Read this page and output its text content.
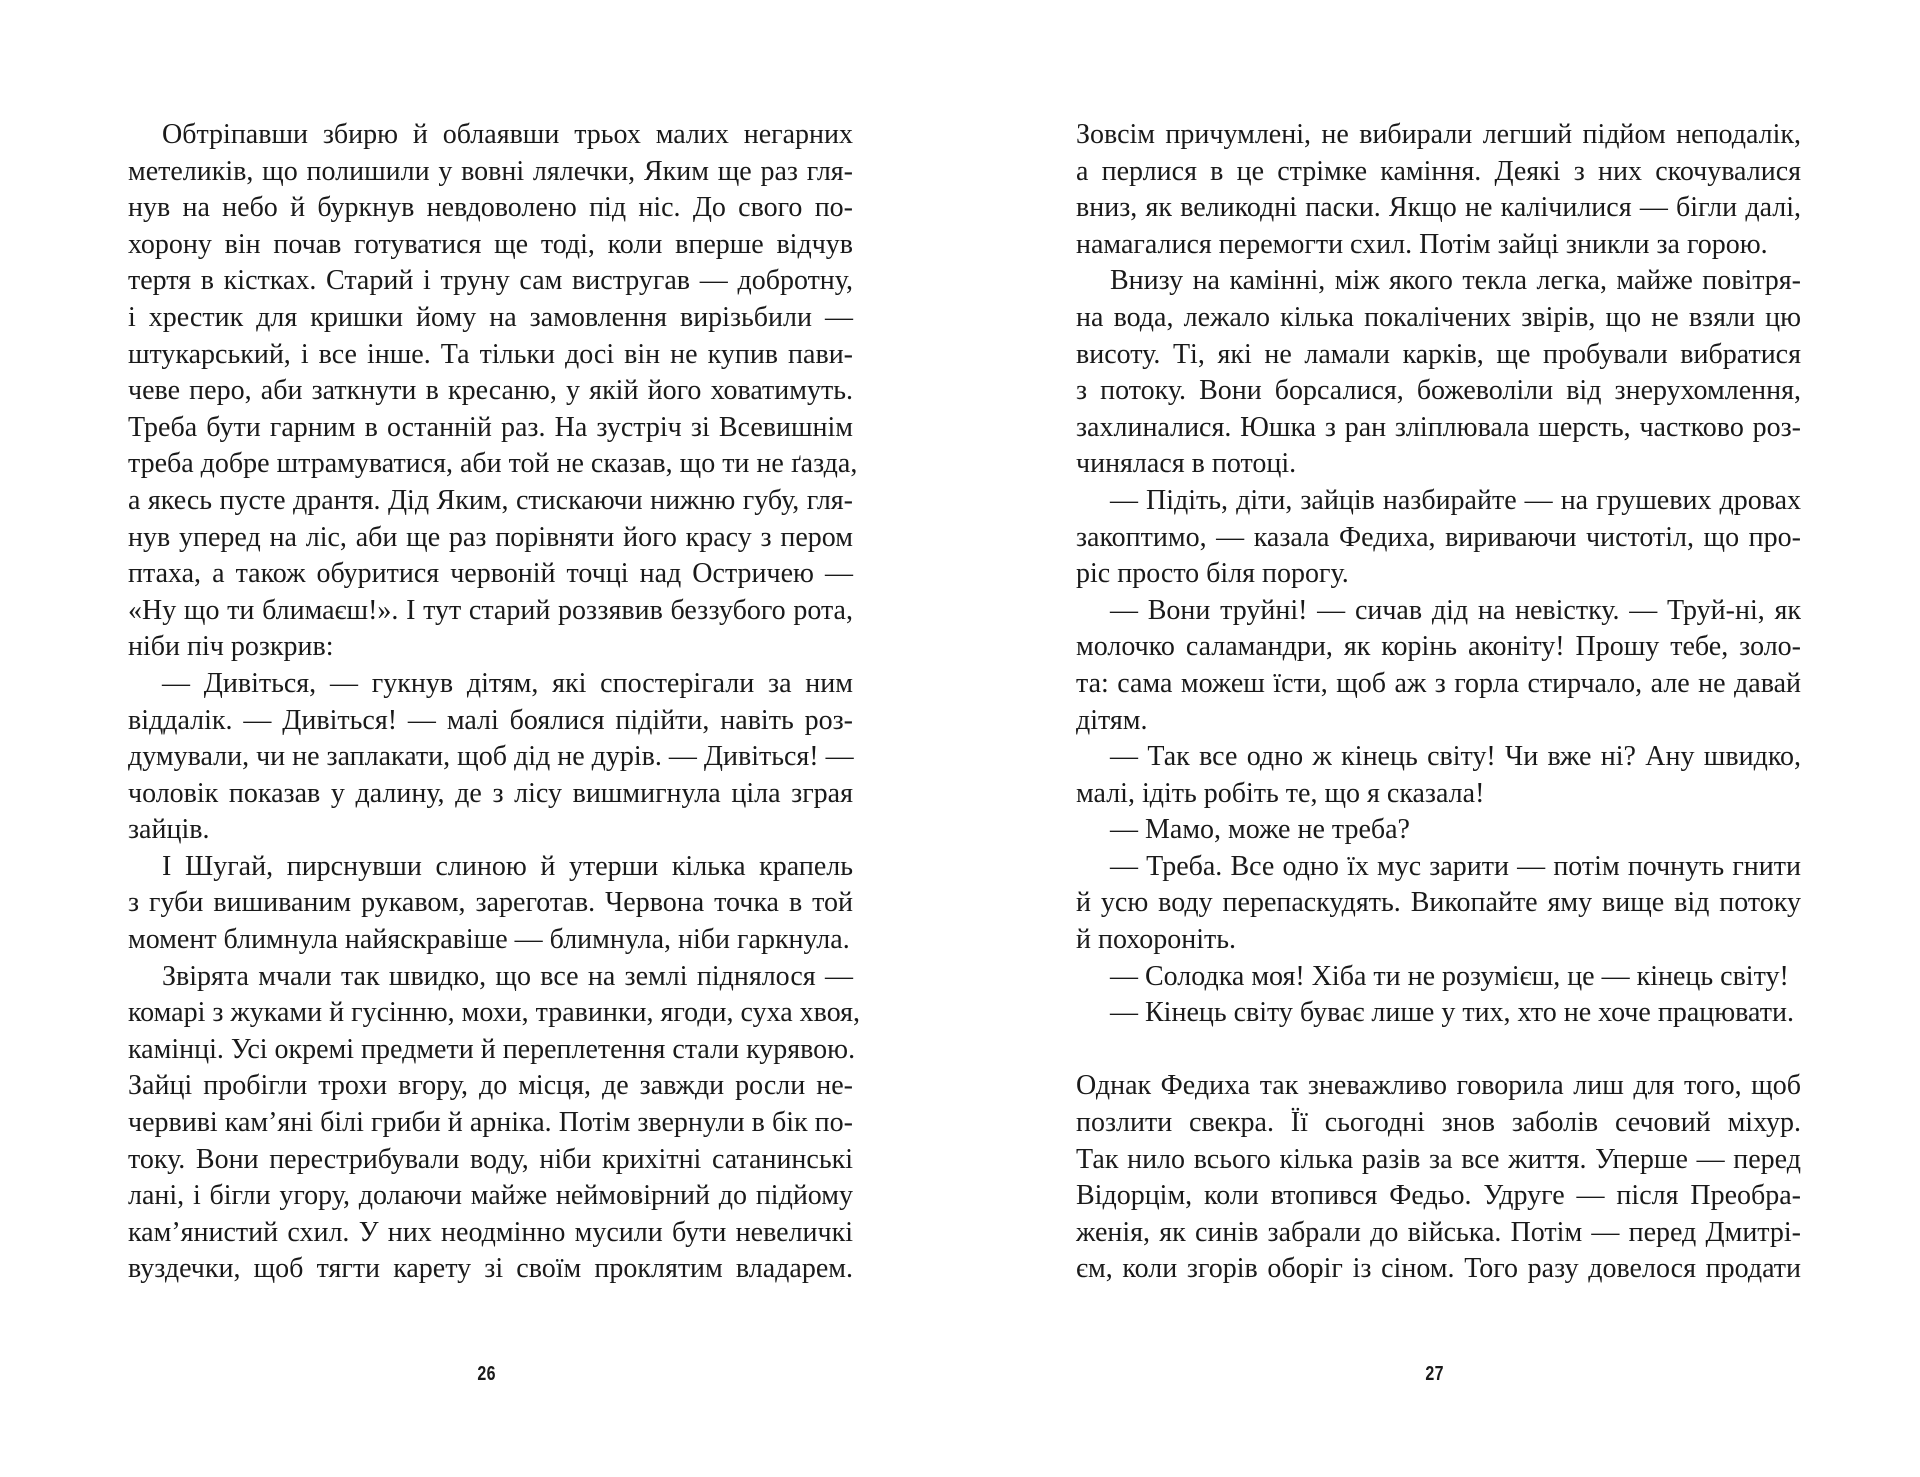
Обтріпавши збирю й облаявши трьох малих негарних
метеликів, що полишили у вовні лялечки, Яким ще раз гля-
нув на небо й буркнув невдоволено під ніс. До свого по-
хорону він почав готуватися ще тоді, коли вперше відчув
тертя в кістках. Старий і труну сам вистругав — добротну,
і хрестик для кришки йому на замовлення вирізьбили —
штукарський, і все інше. Та тільки досі він не купив пави-
чеве перо, аби заткнути в кресаню, у якій його ховатимуть.
Треба бути гарним в останній раз. На зустріч зі Всевишнім
треба добре штрамуватися, аби той не сказав, що ти не ґазда,
а якесь пусте дрантя. Дід Яким, стискаючи нижню губу, гля-
нув уперед на ліс, аби ще раз порівняти його красу з пером
птаха, а також обуритися червоній точці над Остричею —
«Ну що ти блимаєш!». І тут старий роззявив беззубого рота,
ніби піч розкрив:
— Дивіться, — гукнув дітям, які спостерігали за ним
віддалік. — Дивіться! — малі боялися підійти, навіть роз-
думували, чи не заплакати, щоб дід не дурів. — Дивіться! —
чоловік показав у далину, де з лісу вишмигнула ціла зграя
зайців.
І Шугай, пирснувши слиною й утерши кілька крапель
з губи вишиваним рукавом, зареготав. Червона точка в той
момент блимнула найяскравіше — блимнула, ніби гаркнула.
Звірята мчали так швидко, що все на землі піднялося —
комарі з жуками й гусінню, мохи, травинки, ягоди, суха хвоя,
камінці. Усі окремі предмети й переплетення стали курявою.
Зайці пробігли трохи вгору, до місця, де завжди росли не-
червиві кам’яні білі гриби й арніка. Потім звернули в бік по-
току. Вони перестрибували воду, ніби крихітні сатанинські
лані, і бігли угору, долаючи майже неймовірний до підйому
кам’янистий схил. У них неодмінно мусили бути невеличкі
вуздечки, щоб тягти карету зі своїм проклятим владарем.
26
Зовсім причумлені, не вибирали легший підйом неподалік,
а перлися в це стрімке каміння. Деякі з них скочувалися
вниз, як великодні паски. Якщо не калічилися — бігли далі,
намагалися перемогти схил. Потім зайці зникли за горою.
Внизу на камінні, між якого текла легка, майже повітря-
на вода, лежало кілька покалічених звірів, що не взяли цю
висоту. Ті, які не ламали карків, ще пробували вибратися
з потоку. Вони борсалися, божеволіли від знерухомлення,
захлиналися. Юшка з ран зліплювала шерсть, частково роз-
чинялася в потоці.
— Підіть, діти, зайців назбирайте — на грушевих дровах
закоптимо, — казала Федиха, вириваючи чистотіл, що про-
ріс просто біля порогу.
— Вони труйні! — сичав дід на невістку. — Труй-ні, як
молочко саламандри, як корінь аконіту! Прошу тебе, золо-
та: сама можеш їсти, щоб аж з горла стирчало, але не давай
дітям.
— Так все одно ж кінець світу! Чи вже ні? Ану швидко,
малі, ідіть робіть те, що я сказала!
— Мамо, може не треба?
— Треба. Все одно їх мус зарити — потім почнуть гнити
й усю воду перепаскудять. Викопайте яму вище від потоку
й похороніть.
— Солодка моя! Хіба ти не розумієш, це — кінець світу!
— Кінець світу буває лише у тих, хто не хоче працювати.
Однак Федиха так зневажливо говорила лиш для того, щоб
позлити свекра. Її сьогодні знов заболів сечовий міхур.
Так нило всього кілька разів за все життя. Уперше — перед
Відорцім, коли втопився Федьо. Удруге — після Преобра-
женія, як синів забрали до війська. Потім — перед Дмитрі-
єм, коли згорів оборіг із сіном. Того разу довелося продати
27
